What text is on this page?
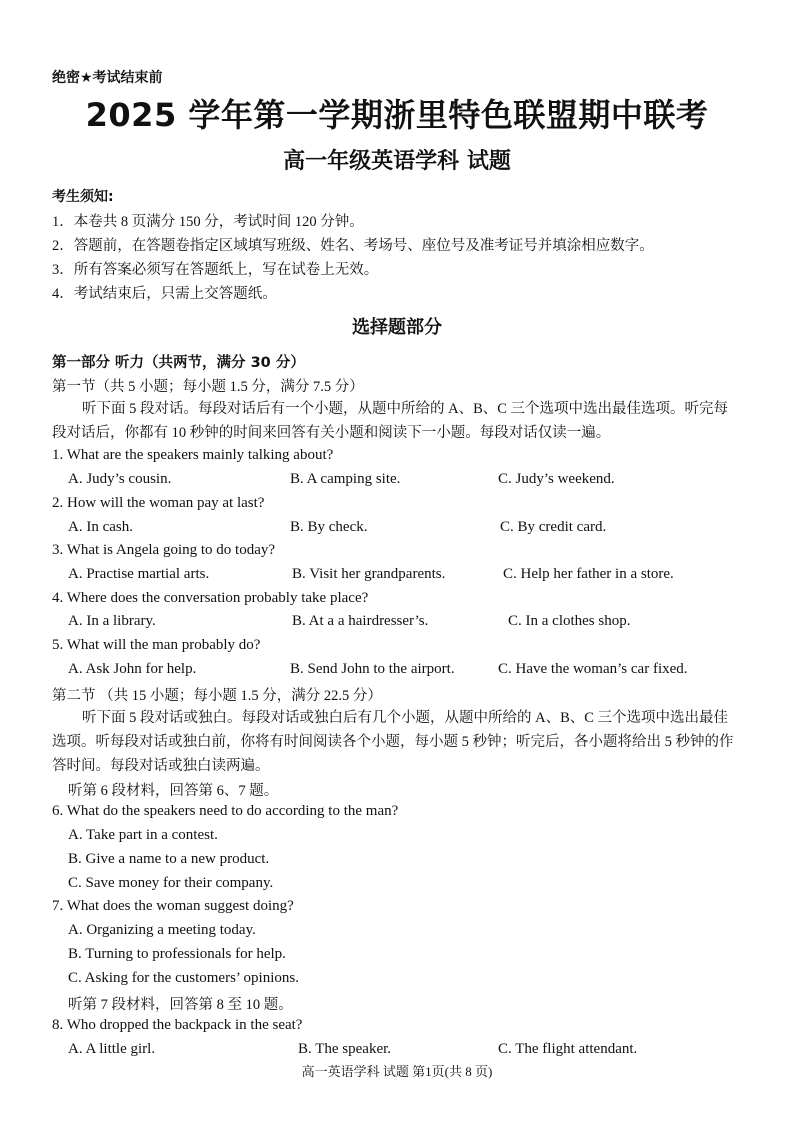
绝密★考试结束前
2025 学年第一学期浙里特色联盟期中联考
高一年级英语学科 试题
考生须知:
1．本卷共 8 页满分 150 分，考试时间 120 分钟。
2．答题前，在答题卷指定区域填写班级、姓名、考场号、座位号及准考证号并填涂相应数字。
3．所有答案必须写在答题纸上，写在试卷上无效。
4．考试结束后，只需上交答题纸。
选择题部分
第一部分 听力（共两节，满分 30 分）
第一节（共 5 小题；每小题 1.5 分，满分 7.5 分）
听下面 5 段对话。每段对话后有一个小题，从题中所给的 A、B、C 三个选项中选出最佳选项。听完每段对话后，你都有 10 秒钟的时间来回答有关小题和阅读下一小题。每段对话仅读一遍。
1. What are the speakers mainly talking about?
A. Judy’s cousin.	B. A camping site.	C. Judy’s weekend.
2. How will the woman pay at last?
A. In cash.	B. By check.	C. By credit card.
3. What is Angela going to do today?
A. Practise martial arts.	B. Visit her grandparents.	C. Help her father in a store.
4. Where does the conversation probably take place?
A. In a library.	B. At a a hairdresser’s.	C. In a clothes shop.
5. What will the man probably do?
A. Ask John for help.	B. Send John to the airport.	C. Have the woman’s car fixed.
第二节 （共 15 小题；每小题 1.5 分，满分 22.5 分）
听下面 5 段对话或独白。每段对话或独白后有几个小题，从题中所给的 A、B、C 三个选项中选出最佳选项。听每段对话或独白前，你将有时间阅读各个小题，每小题 5 秒钟；听完后，各小题将给出 5 秒钟的作答时间。每段对话或独白读两遍。
听第 6 段材料，回答第 6、7 题。
6. What do the speakers need to do according to the man?
A. Take part in a contest.
B. Give a name to a new product.
C. Save money for their company.
7. What does the woman suggest doing?
A. Organizing a meeting today.
B. Turning to professionals for help.
C. Asking for the customers’ opinions.
听第 7 段材料，回答第 8 至 10 题。
8. Who dropped the backpack in the seat?
A. A little girl.	B. The speaker.	C. The flight attendant.
高一英语学科 试题 第1页(共 8 页)
